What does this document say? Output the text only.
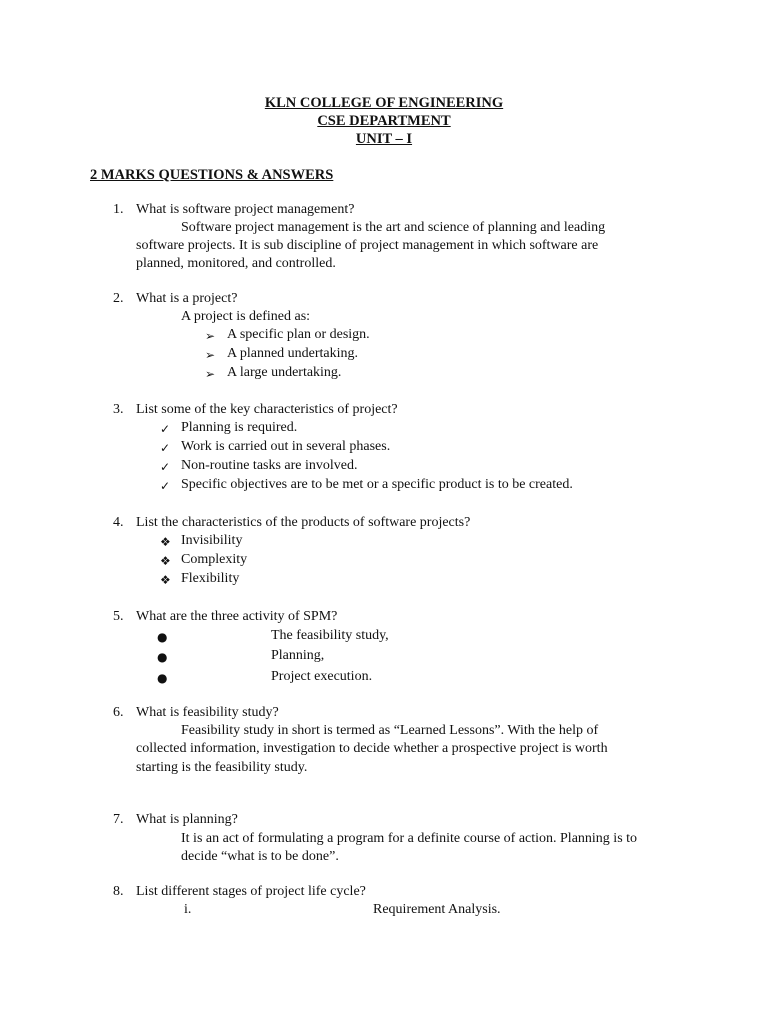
KLN COLLEGE OF ENGINEERING
CSE DEPARTMENT
UNIT – I
2 MARKS QUESTIONS & ANSWERS
1. What is software project management?
Software project management is the art and science of planning and leading
software projects. It is sub discipline of project management in which software are
planned, monitored, and controlled.
2. What is a project?
A project is defined as:
➢ A specific plan or design.
➢ A planned undertaking.
➢ A large undertaking.
3. List some of the key characteristics of project?
✓ Planning is required.
✓ Work is carried out in several phases.
✓ Non-routine tasks are involved.
✓ Specific objectives are to be met or a specific product is to be created.
4. List the characteristics of the products of software projects?
❖ Invisibility
❖ Complexity
❖ Flexibility
5. What are the three activity of SPM?
●	The feasibility study,
●	Planning,
●	Project execution.
6. What is feasibility study?
Feasibility study in short is termed as “Learned Lessons”. With the help of
collected information, investigation to decide whether a prospective project is worth
starting is the feasibility study.
7. What is planning?
It is an act of formulating a program for a definite course of action. Planning is to
decide “what is to be done”.
8. List different stages of project life cycle?
i.	Requirement Analysis.
